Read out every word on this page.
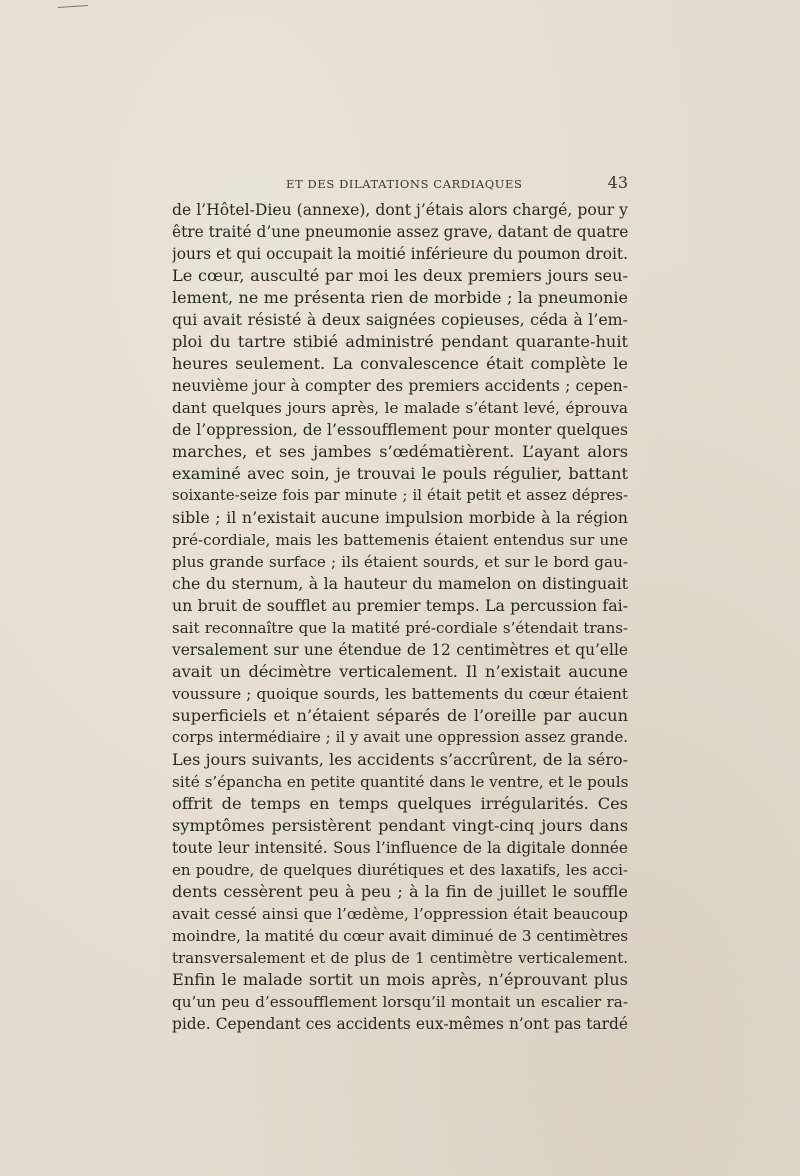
ET DES DILATATIONS CARDIAQUES	43
de l’Hôtel-Dieu (annexe), dont j’étais alors chargé, pour y
être traité d’une pneumonie assez grave, datant de quatre
jours et qui occupait la moitié inférieure du poumon droit.
Le cœur, ausculté par moi les deux premiers jours seu-
lement, ne me présenta rien de morbide ; la pneumonie
qui avait résisté à deux saignées copieuses, céda à l’em-
ploi du tartre stibié administré pendant quarante-huit
heures seulement. La convalescence était complète le
neuvième jour à compter des premiers accidents ; cepen-
dant quelques jours après, le malade s’étant levé, éprouva
de l’oppression, de l’essoufflement pour monter quelques
marches, et ses jambes s’œdématièrent. L’ayant alors
examiné avec soin, je trouvai le pouls régulier, battant
soixante-seize fois par minute ; il était petit et assez dépres-
sible ; il n’existait aucune impulsion morbide à la région
pré-cordiale, mais les battemenis étaient entendus sur une
plus grande surface ; ils étaient sourds, et sur le bord gau-
che du sternum, à la hauteur du mamelon on distinguait
un bruit de soufflet au premier temps. La percussion fai-
sait reconnaître que la matité pré-cordiale s’étendait trans-
versalement sur une étendue de 12 centimètres et qu’elle
avait un décimètre verticalement. Il n’existait aucune
voussure ; quoique sourds, les battements du cœur étaient
superficiels et n’étaient séparés de l’oreille par aucun
corps intermédiaire ; il y avait une oppression assez grande.
Les jours suivants, les accidents s’accrûrent, de la séro-
sité s’épancha en petite quantité dans le ventre, et le pouls
offrit de temps en temps quelques irrégularités. Ces
symptômes persistèrent pendant vingt-cinq jours dans
toute leur intensité. Sous l’influence de la digitale donnée
en poudre, de quelques diurétiques et des laxatifs, les acci-
dents cessèrent peu à peu ; à la fin de juillet le souffle
avait cessé ainsi que l’œdème, l’oppression était beaucoup
moindre, la matité du cœur avait diminué de 3 centimètres
transversalement et de plus de 1 centimètre verticalement.
Enfin le malade sortit un mois après, n’éprouvant plus
qu’un peu d’essoufflement lorsqu’il montait un escalier ra-
pide. Cependant ces accidents eux-mêmes n’ont pas tardé
